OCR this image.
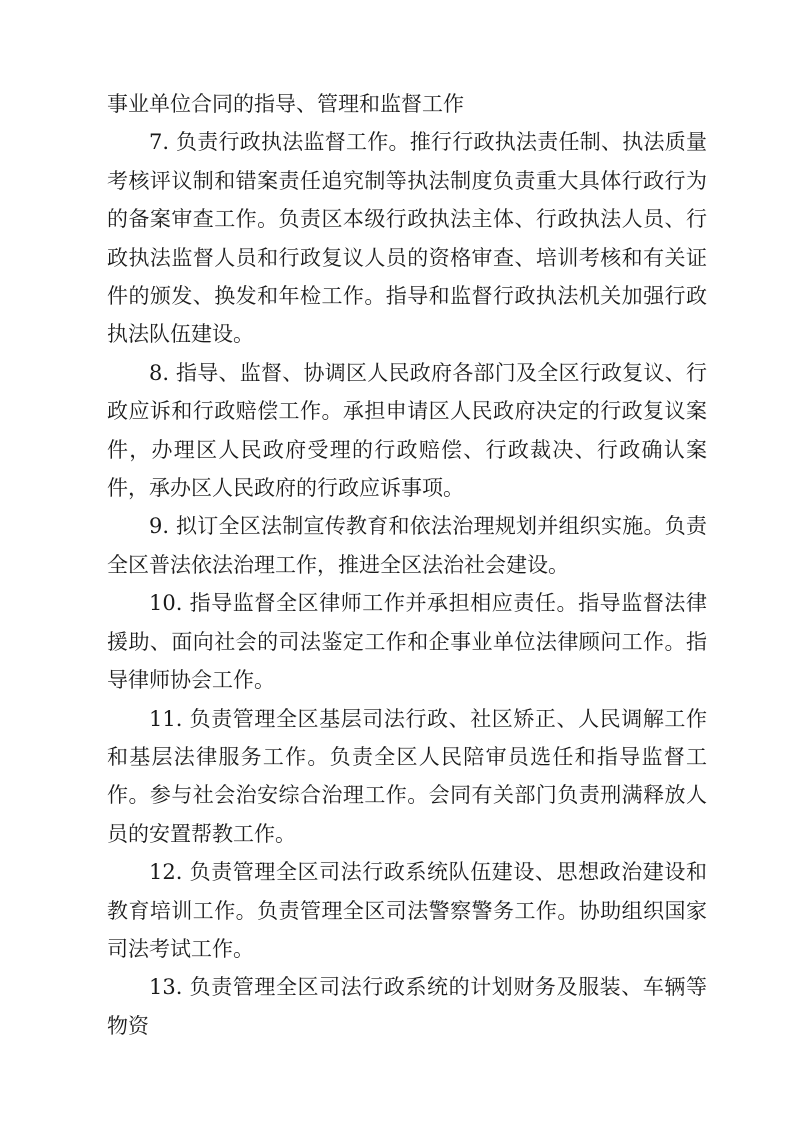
事业单位合同的指导、管理和监督工作

7. 负责行政执法监督工作。推行行政执法责任制、执法质量考核评议制和错案责任追究制等执法制度负责重大具体行政行为的备案审查工作。负责区本级行政执法主体、行政执法人员、行政执法监督人员和行政复议人员的资格审查、培训考核和有关证件的颁发、换发和年检工作。指导和监督行政执法机关加强行政执法队伍建设。

8. 指导、监督、协调区人民政府各部门及全区行政复议、行政应诉和行政赔偿工作。承担申请区人民政府决定的行政复议案件，办理区人民政府受理的行政赔偿、行政裁决、行政确认案件，承办区人民政府的行政应诉事项。

9. 拟订全区法制宣传教育和依法治理规划并组织实施。负责全区普法依法治理工作，推进全区法治社会建设。

10. 指导监督全区律师工作并承担相应责任。指导监督法律援助、面向社会的司法鉴定工作和企事业单位法律顾问工作。指导律师协会工作。

11. 负责管理全区基层司法行政、社区矫正、人民调解工作和基层法律服务工作。负责全区人民陪审员选任和指导监督工作。参与社会治安综合治理工作。会同有关部门负责刑满释放人员的安置帮教工作。

12. 负责管理全区司法行政系统队伍建设、思想政治建设和教育培训工作。负责管理全区司法警察警务工作。协助组织国家司法考试工作。

13. 负责管理全区司法行政系统的计划财务及服装、车辆等物资
